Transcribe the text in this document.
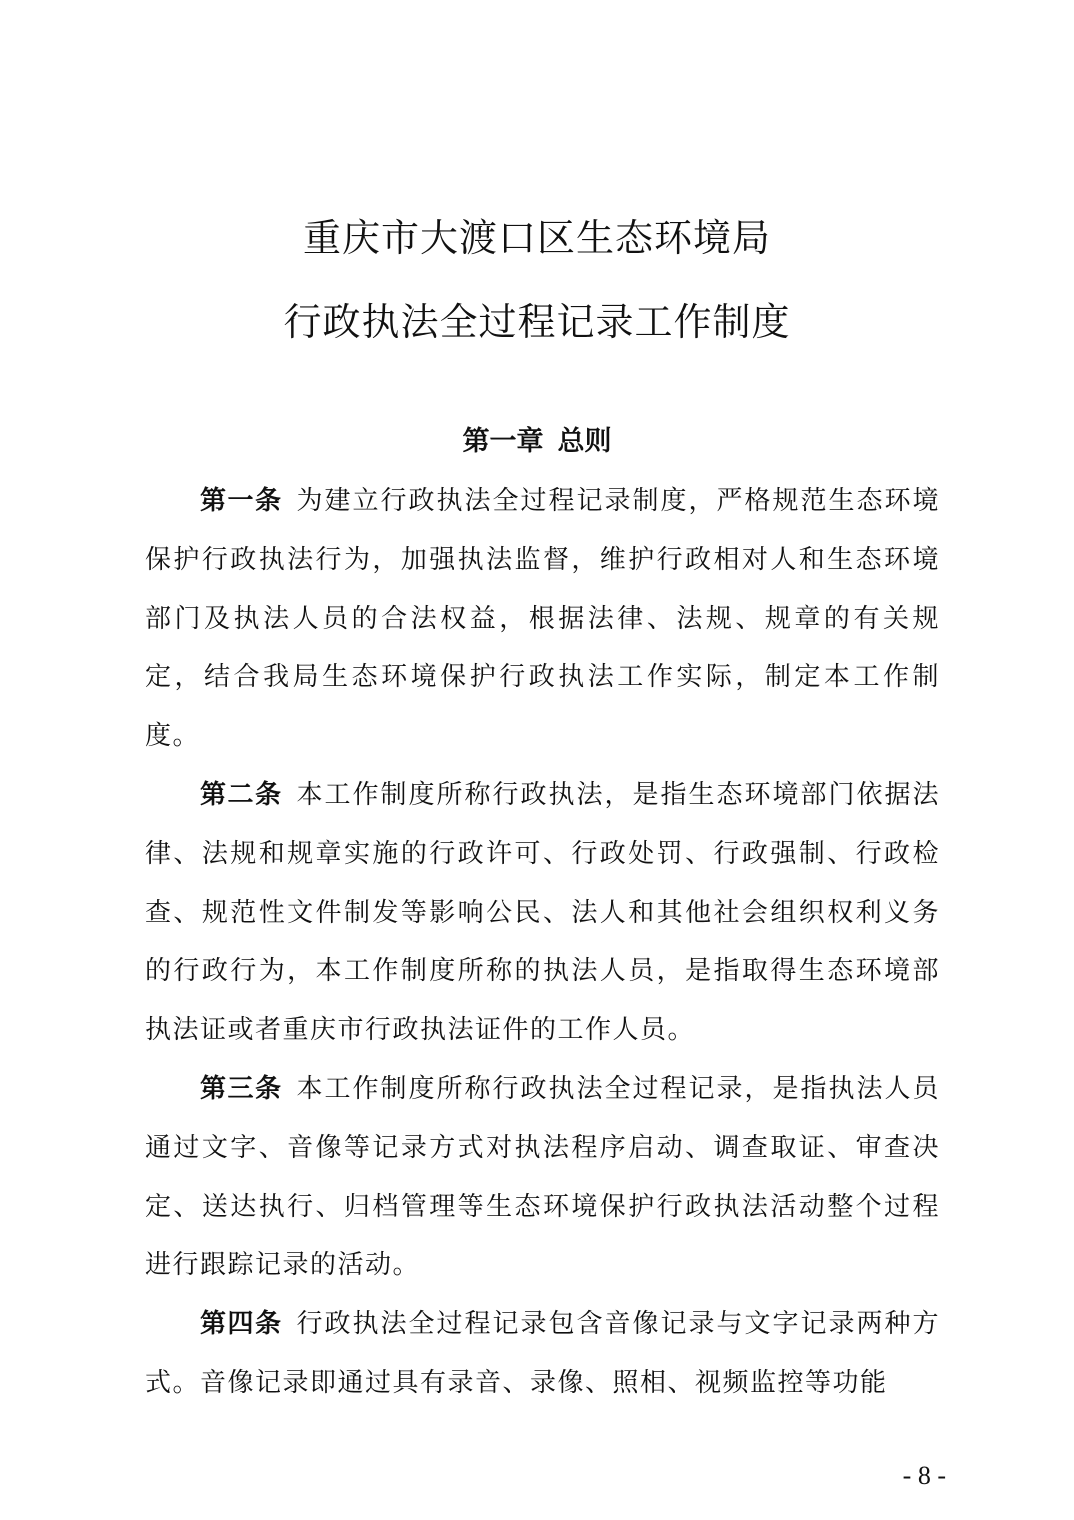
重庆市大渡口区生态环境局
行政执法全过程记录工作制度
第一章 总则

第一条 为建立行政执法全过程记录制度，严格规范生态环境保护行政执法行为，加强执法监督，维护行政相对人和生态环境部门及执法人员的合法权益，根据法律、法规、规章的有关规定，结合我局生态环境保护行政执法工作实际，制定本工作制度。

第二条 本工作制度所称行政执法，是指生态环境部门依据法律、法规和规章实施的行政许可、行政处罚、行政强制、行政检查、规范性文件制发等影响公民、法人和其他社会组织权利义务的行政行为，本工作制度所称的执法人员，是指取得生态环境部执法证或者重庆市行政执法证件的工作人员。

第三条 本工作制度所称行政执法全过程记录，是指执法人员通过文字、音像等记录方式对执法程序启动、调查取证、审查决定、送达执行、归档管理等生态环境保护行政执法活动整个过程进行跟踪记录的活动。

第四条 行政执法全过程记录包含音像记录与文字记录两种方式。音像记录即通过具有录音、录像、照相、视频监控等功能

- 8 -
